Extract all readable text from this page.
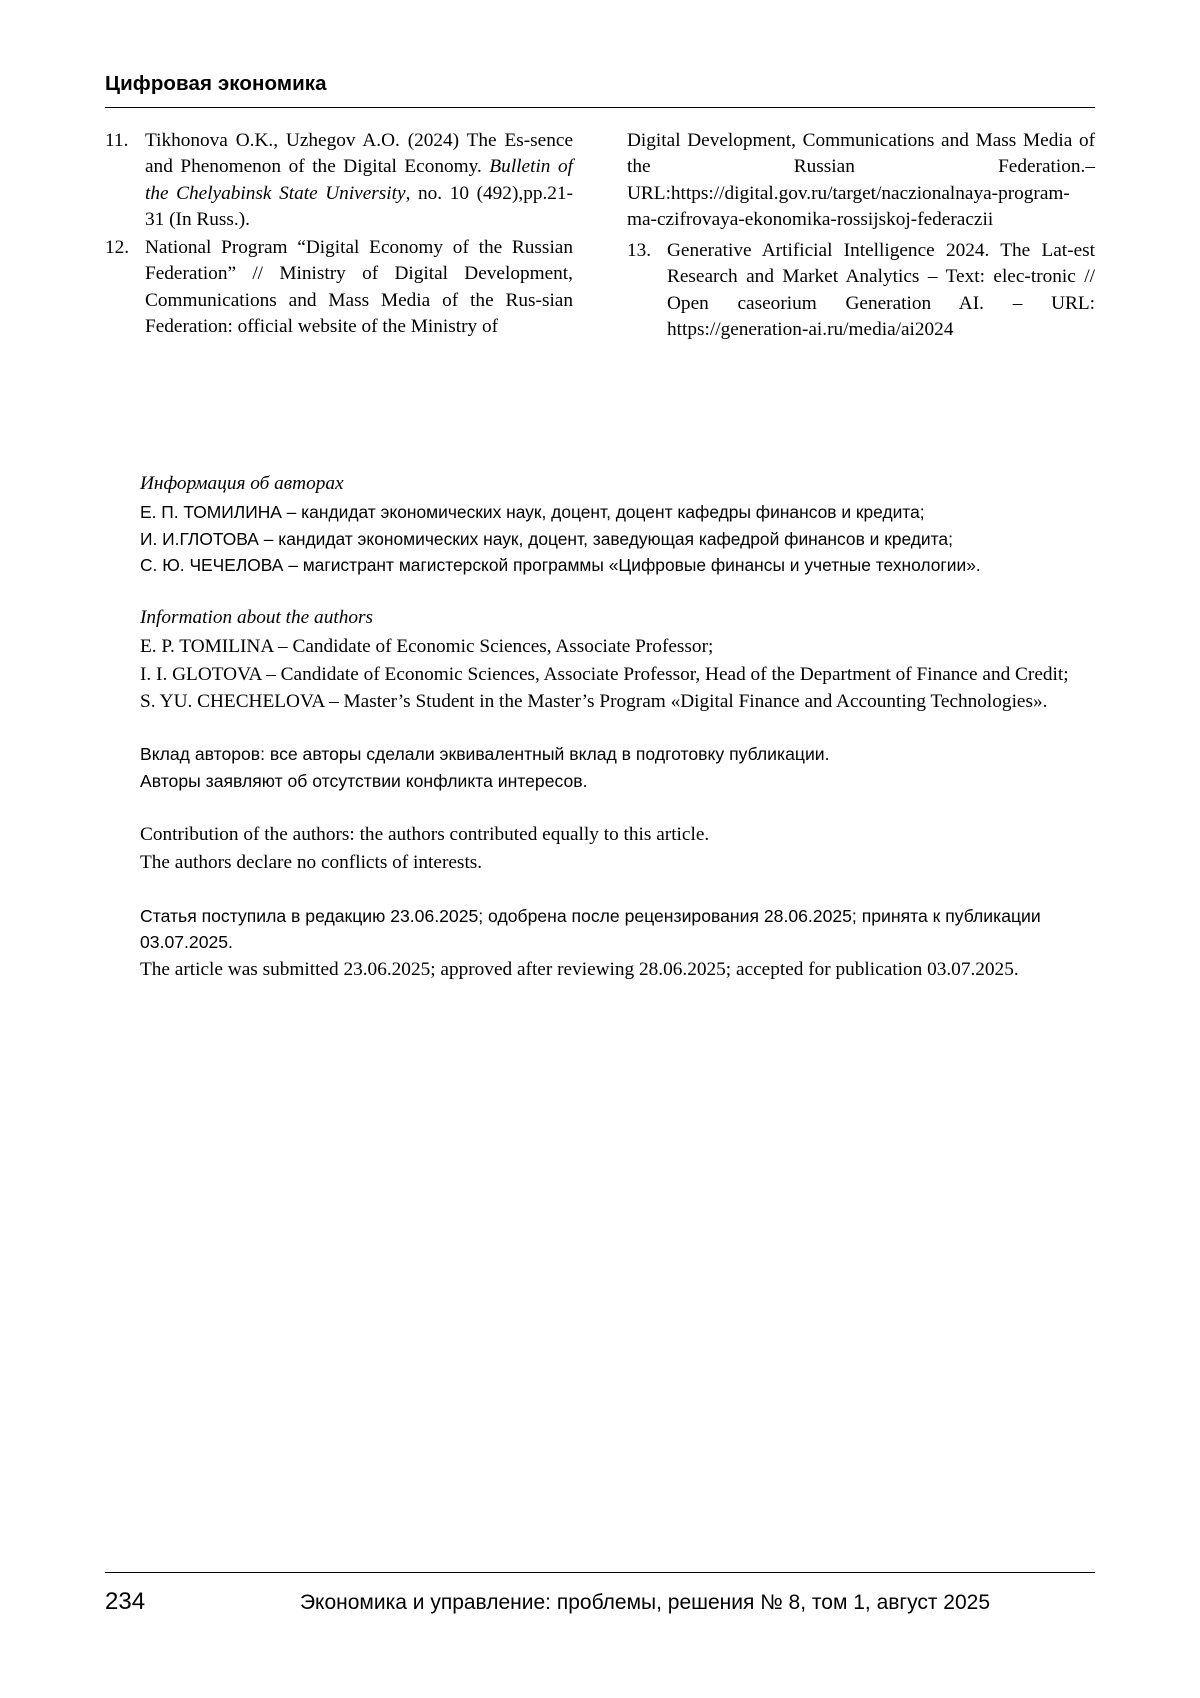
Цифровая экономика
11. Tikhonova O.K., Uzhegov A.O. (2024) The Es-sence and Phenomenon of the Digital Economy. Bulletin of the Chelyabinsk State University, no. 10 (492),pp.21-31 (In Russ.).
12. National Program “Digital Economy of the Russian Federation” // Ministry of Digital Development, Communications and Mass Media of the Rus-sian Federation: official website of the Ministry of
Digital Development, Communications and Mass Media of the Russian Federation.– URL:https://digital.gov.ru/target/naczionalnaya-program-ma-czifrovaya-ekonomika-rossijskoj-federaczii
13. Generative Artificial Intelligence 2024. The Lat-est Research and Market Analytics – Text: elec-tronic // Open caseorium Generation AI. – URL: https://generation-ai.ru/media/ai2024
Информация об авторах
Е. П. ТОМИЛИНА – кандидат экономических наук, доцент, доцент кафедры финансов и кредита;
И. И.ГЛОТОВА – кандидат экономических наук, доцент, заведующая кафедрой финансов и кредита;
С. Ю. ЧЕЧЕЛОВА – магистрант магистерской программы «Цифровые финансы и учетные технологии».
Information about the authors
E. P. TOMILINA – Candidate of Economic Sciences, Associate Professor;
I. I. GLOTOVA – Candidate of Economic Sciences, Associate Professor, Head of the Department of Finance and Credit;
S. YU. CHECHELOVA – Master’s Student in the Master’s Program «Digital Finance and Accounting Technologies».
Вклад авторов: все авторы сделали эквивалентный вклад в подготовку публикации.
Авторы заявляют об отсутствии конфликта интересов.
Contribution of the authors: the authors contributed equally to this article.
The authors declare no conflicts of interests.
Статья поступила в редакцию 23.06.2025; одобрена после рецензирования 28.06.2025; принята к публикации 03.07.2025.
The article was submitted 23.06.2025; approved after reviewing 28.06.2025; accepted for publication 03.07.2025.
234	Экономика и управление: проблемы, решения № 8, том 1, август 2025
